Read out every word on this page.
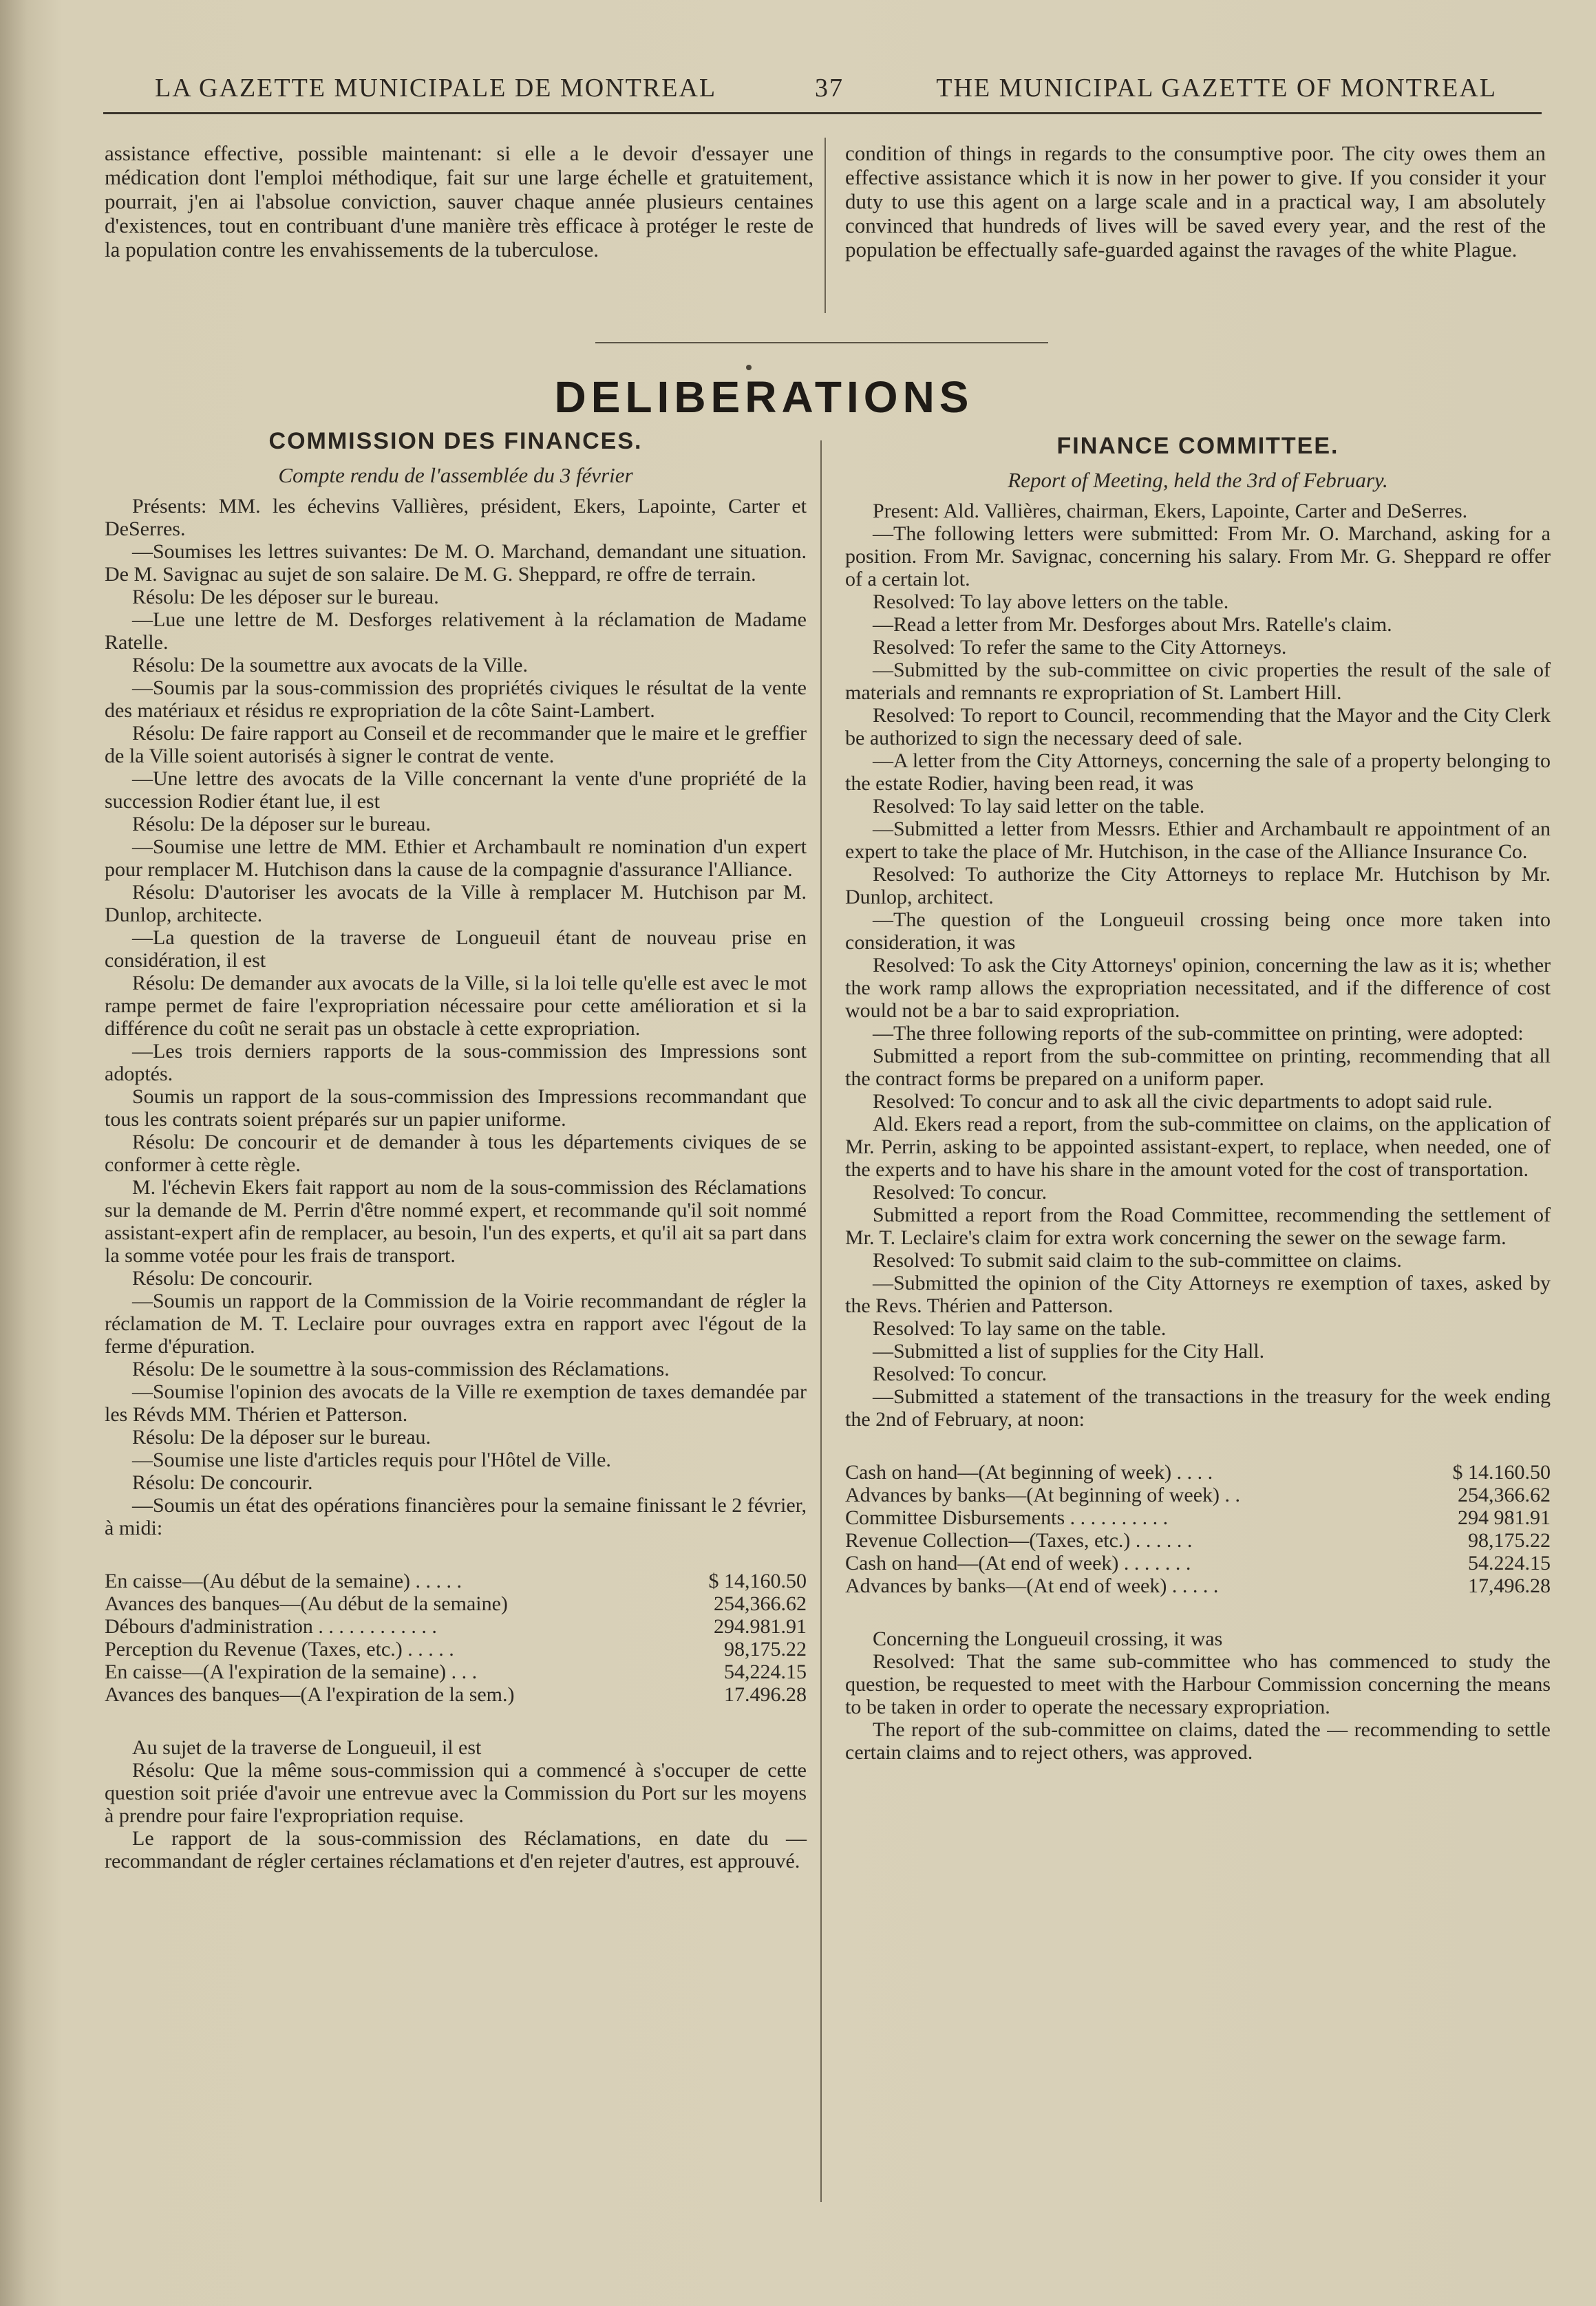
LA GAZETTE MUNICIPALE DE MONTREAL	37	THE MUNICIPAL GAZETTE OF MONTREAL
assistance effective, possible maintenant: si elle a le devoir d'essayer une médication dont l'emploi méthodique, fait sur une large échelle et gratuitement, pourrait, j'en ai l'absolue conviction, sauver chaque année plusieurs centaines d'existences, tout en contribuant d'une manière très efficace à protéger le reste de la population contre les envahissements de la tuberculose.
condition of things in regards to the consumptive poor. The city owes them an effective assistance which it is now in her power to give. If you consider it your duty to use this agent on a large scale and in a practical way, I am absolutely convinced that hundreds of lives will be saved every year, and the rest of the population be effectually safe-guarded against the ravages of the white Plague.
DELIBERATIONS
COMMISSION DES FINANCES.
Compte rendu de l'assemblée du 3 février

Présents: MM. les échevins Vallières, président, Ekers, Lapointe, Carter et DeSerres.

—Soumises les lettres suivantes: De M. O. Marchand, demandant une situation. De M. Savignac au sujet de son salaire. De M. G. Sheppard, re offre de terrain.

Résolu: De les déposer sur le bureau.

—Lue une lettre de M. Desforges relativement à la réclamation de Madame Ratelle.

Résolu: De la soumettre aux avocats de la Ville.

—Soumis par la sous-commission des propriétés civiques le résultat de la vente des matériaux et résidus re expropriation de la côte Saint-Lambert.

Résolu: De faire rapport au Conseil et de recommander que le maire et le greffier de la Ville soient autorisés à signer le contrat de vente.

—Une lettre des avocats de la Ville concernant la vente d'une propriété de la succession Rodier étant lue, il est

Résolu: De la déposer sur le bureau.

—Soumise une lettre de MM. Ethier et Archambault re nomination d'un expert pour remplacer M. Hutchison dans la cause de la compagnie d'assurance l'Alliance.

Résolu: D'autoriser les avocats de la Ville à remplacer M. Hutchison par M. Dunlop, architecte.

—La question de la traverse de Longueuil étant de nouveau prise en considération, il est

Résolu: De demander aux avocats de la Ville, si la loi telle qu'elle est avec le mot rampe permet de faire l'expropriation nécessaire pour cette amélioration et si la différence du coût ne serait pas un obstacle à cette expropriation.

—Les trois derniers rapports de la sous-commission des Impressions sont adoptés.

Soumis un rapport de la sous-commission des Impressions recommandant que tous les contrats soient préparés sur un papier uniforme.

Résolu: De concourir et de demander à tous les départements civiques de se conformer à cette règle.

M. l'échevin Ekers fait rapport au nom de la sous-commission des Réclamations sur la demande de M. Perrin d'être nommé expert, et recommande qu'il soit nommé assistant-expert afin de remplacer, au besoin, l'un des experts, et qu'il ait sa part dans la somme votée pour les frais de transport.

Résolu: De concourir.

—Soumis un rapport de la Commission de la Voirie recommandant de régler la réclamation de M. T. Leclaire pour ouvrages extra en rapport avec l'égout de la ferme d'épuration.

Résolu: De le soumettre à la sous-commission des Réclamations.

—Soumise l'opinion des avocats de la Ville re exemption de taxes demandée par les Révds MM. Thérien et Patterson.

Résolu: De la déposer sur le bureau.

—Soumise une liste d'articles requis pour l'Hôtel de Ville.

Résolu: De concourir.

—Soumis un état des opérations financières pour la semaine finissant le 2 février, à midi:

En caisse—(Au début de la semaine) . . . . .	$ 14,160.50
Avances des banques—(Au début de la semaine)	254,366.62
Débours d'administration . . . . . . . . . . . .	294.981.91
Perception du Revenue (Taxes, etc.) . . . . .	98,175.22
En caisse—(A l'expiration de la semaine) . . .	54,224.15
Avances des banques—(A l'expiration de la sem.)	17.496.28

Au sujet de la traverse de Longueuil, il est

Résolu: Que la même sous-commission qui a commencé à s'occuper de cette question soit priée d'avoir une entrevue avec la Commission du Port sur les moyens à prendre pour faire l'expropriation requise.

Le rapport de la sous-commission des Réclamations, en date du — recommandant de régler certaines réclamations et d'en rejeter d'autres, est approuvé.

FINANCE COMMITTEE.
Report of Meeting, held the 3rd of February.

Present: Ald. Vallières, chairman, Ekers, Lapointe, Carter and DeSerres.

—The following letters were submitted: From Mr. O. Marchand, asking for a position. From Mr. Savignac, concerning his salary. From Mr. G. Sheppard re offer of a certain lot.

Resolved: To lay above letters on the table.

—Read a letter from Mr. Desforges about Mrs. Ratelle's claim.

Resolved: To refer the same to the City Attorneys.

—Submitted by the sub-committee on civic properties the result of the sale of materials and remnants re expropriation of St. Lambert Hill.

Resolved: To report to Council, recommending that the Mayor and the City Clerk be authorized to sign the necessary deed of sale.

—A letter from the City Attorneys, concerning the sale of a property belonging to the estate Rodier, having been read, it was

Resolved: To lay said letter on the table.

—Submitted a letter from Messrs. Ethier and Archambault re appointment of an expert to take the place of Mr. Hutchison, in the case of the Alliance Insurance Co.

Resolved: To authorize the City Attorneys to replace Mr. Hutchison by Mr. Dunlop, architect.

—The question of the Longueuil crossing being once more taken into consideration, it was

Resolved: To ask the City Attorneys' opinion, concerning the law as it is; whether the work ramp allows the expropriation necessitated, and if the difference of cost would not be a bar to said expropriation.

—The three following reports of the sub-committee on printing, were adopted:

Submitted a report from the sub-committee on printing, recommending that all the contract forms be prepared on a uniform paper.

Resolved: To concur and to ask all the civic departments to adopt said rule.

Ald. Ekers read a report, from the sub-committee on claims, on the application of Mr. Perrin, asking to be appointed assistant-expert, to replace, when needed, one of the experts and to have his share in the amount voted for the cost of transportation.

Resolved: To concur.

Submitted a report from the Road Committee, recommending the settlement of Mr. T. Leclaire's claim for extra work concerning the sewer on the sewage farm.

Resolved: To submit said claim to the sub-committee on claims.

—Submitted the opinion of the City Attorneys re exemption of taxes, asked by the Revs. Thérien and Patterson.

Resolved: To lay same on the table.

—Submitted a list of supplies for the City Hall.

Resolved: To concur.

—Submitted a statement of the transactions in the treasury for the week ending the 2nd of February, at noon:

Cash on hand—(At beginning of week) . . . .	$ 14.160.50
Advances by banks—(At beginning of week) . .	254,366.62
Committee Disbursements . . . . . . . . . .	294 981.91
Revenue Collection—(Taxes, etc.) . . . . . .	98,175.22
Cash on hand—(At end of week) . . . . . . .	54.224.15
Advances by banks—(At end of week) . . . . .	17,496.28

Concerning the Longueuil crossing, it was

Resolved: That the same sub-committee who has commenced to study the question, be requested to meet with the Harbour Commission concerning the means to be taken in order to operate the necessary expropriation.

The report of the sub-committee on claims, dated the — recommending to settle certain claims and to reject others, was approved.
